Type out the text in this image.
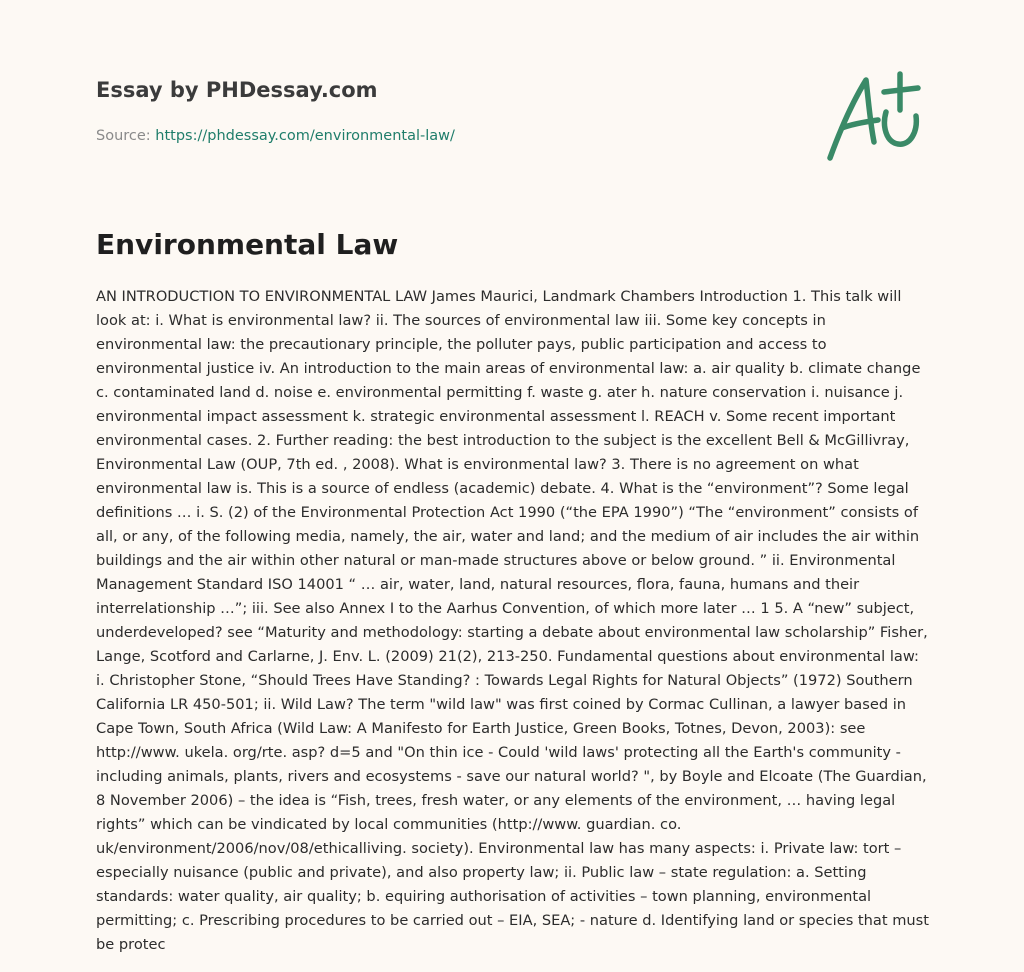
Essay by PHDessay.com

Source: https://phdessay.com/environmental-law/
Environmental Law

AN INTRODUCTION TO ENVIRONMENTAL LAW James Maurici, Landmark Chambers Introduction 1. This talk will look at: i. What is environmental law? ii. The sources of environmental law iii. Some key concepts in environmental law: the precautionary principle, the polluter pays, public participation and access to environmental justice iv. An introduction to the main areas of environmental law: a. air quality b. climate change c. contaminated land d. noise e. environmental permitting f. waste g. ater h. nature conservation i. nuisance j. environmental impact assessment k. strategic environmental assessment l. REACH v. Some recent important environmental cases. 2. Further reading: the best introduction to the subject is the excellent Bell & McGillivray, Environmental Law (OUP, 7th ed. , 2008). What is environmental law? 3. There is no agreement on what environmental law is. This is a source of endless (academic) debate. 4. What is the “environment”? Some legal definitions … i. S. (2) of the Environmental Protection Act 1990 (“the EPA 1990”) “The “environment” consists of all, or any, of the following media, namely, the air, water and land; and the medium of air includes the air within buildings and the air within other natural or man-made structures above or below ground. ” ii. Environmental Management Standard ISO 14001 “ … air, water, land, natural resources, flora, fauna, humans and their interrelationship …”; iii. See also Annex I to the Aarhus Convention, of which more later … 1 5. A “new” subject, underdeveloped? see “Maturity and methodology: starting a debate about environmental law scholarship” Fisher, Lange, Scotford and Carlarne, J. Env. L. (2009) 21(2), 213-250. Fundamental questions about environmental law: i. Christopher Stone, “Should Trees Have Standing? : Towards Legal Rights for Natural Objects” (1972) Southern California LR 450-501; ii. Wild Law? The term "wild law" was first coined by Cormac Cullinan, a lawyer based in Cape Town, South Africa (Wild Law: A Manifesto for Earth Justice, Green Books, Totnes, Devon, 2003): see http://www. ukela. org/rte. asp? d=5 and "On thin ice - Could 'wild laws' protecting all the Earth's community - including animals, plants, rivers and ecosystems - save our natural world? ", by Boyle and Elcoate (The Guardian, 8 November 2006) – the idea is “Fish, trees, fresh water, or any elements of the environment, … having legal rights” which can be vindicated by local communities (http://www. guardian. co. uk/environment/2006/nov/08/ethicalliving. society). Environmental law has many aspects: i. Private law: tort – especially nuisance (public and private), and also property law; ii. Public law – state regulation: a. Setting standards: water quality, air quality; b. equiring authorisation of activities – town planning, environmental permitting; c. Prescribing procedures to be carried out – EIA, SEA; - nature d. Identifying land or species that must be protec
